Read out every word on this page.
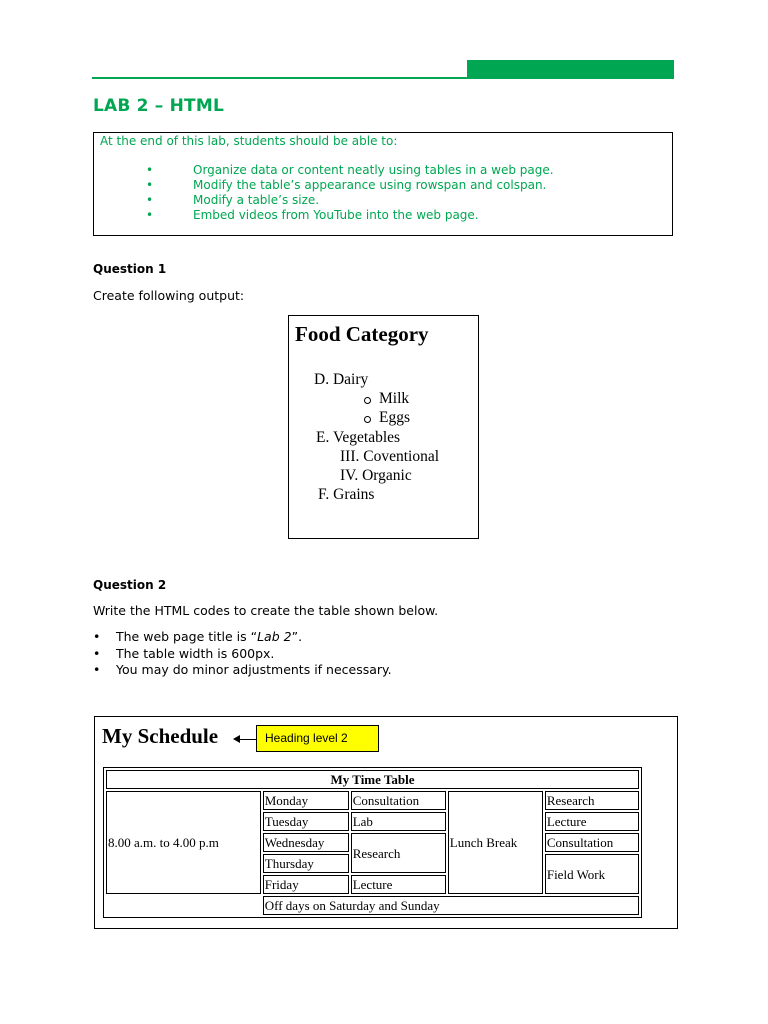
LAB 2 – HTML
At the end of this lab, students should be able to:
•	Organize data or content neatly using tables in a web page.
•	Modify the table’s appearance using rowspan and colspan.
•	Modify a table’s size.
•	Embed videos from YouTube into the web page.
Question 1

Create following output:

Food Category
D. Dairy
Milk
Eggs
E. Vegetables
III. Coventional
IV. Organic
F. Grains
Question 2

Write the HTML codes to create the table shown below.

• The web page title is “Lab 2”.
• The table width is 600px.
• You may do minor adjustments if necessary.
My Schedule	Heading level 2
My Time Table				
8.00 a.m. to 4.00 p.m	Monday	Consultation	Lunch Break	Research
	Tuesday	Lab		Lecture
	Wednesday	Research		Consultation
	Thursday			Field Work
	Friday	Lecture		
	Off days on Saturday and Sunday			
